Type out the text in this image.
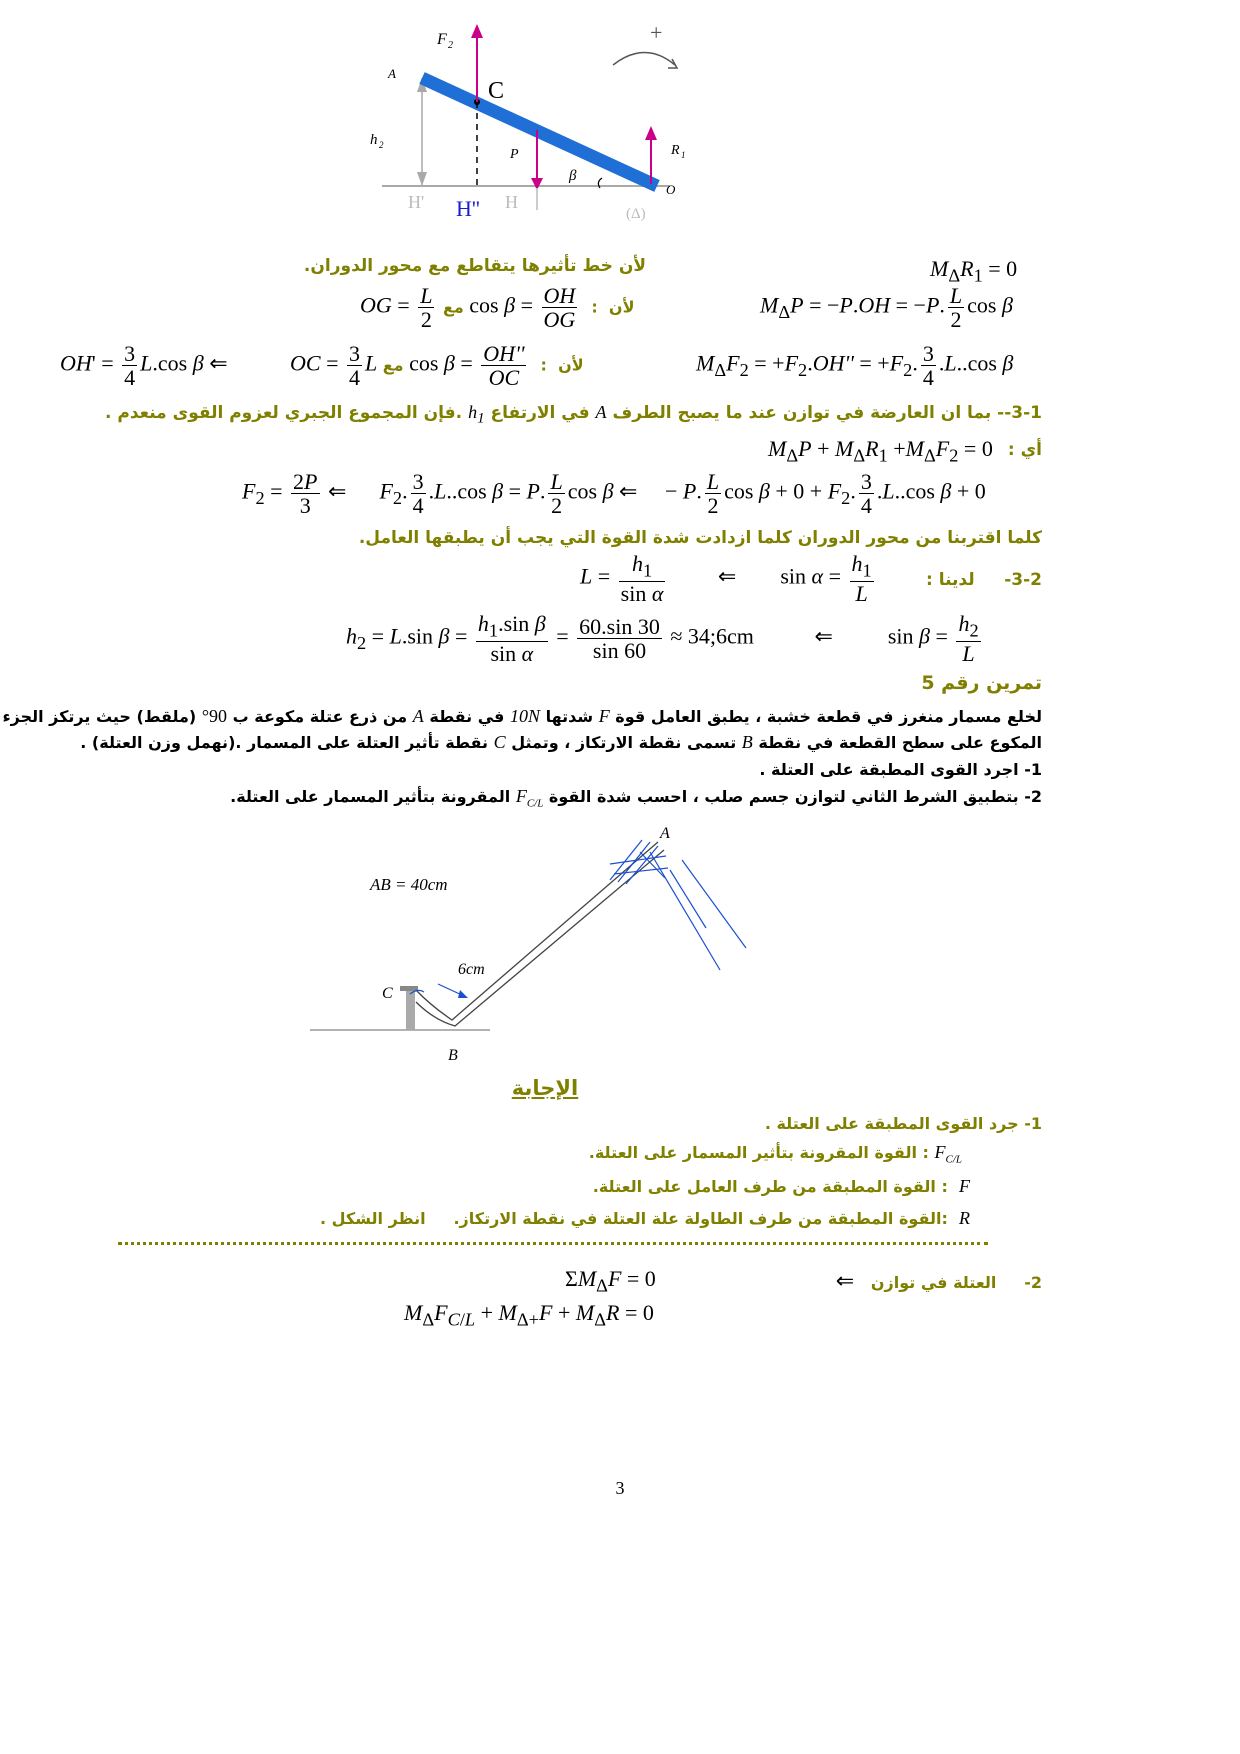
F 2
+
A
C
h 2
P
β
R 1
O
H' H'' H
(Δ)
لأن خط تأثيرها يتقاطع مع محور الدوران.	$M_\Delta R_1 = 0$
OG = $\frac{L}{2}$ مع $\cos \beta = \frac{OH}{OG}$ :  لأن	$M_\Delta P = -P.OH = -P$. $\frac{L}{2}$ cos β
$OH' = \frac{3}{4} L.\cos$ β ⇐	OC = $\frac{3}{4}$ L مع $\cos \beta = \frac{OH''}{OC}$ :  لأن	$M_\Delta F_2 = +F_2.OH'' = +F_2$. $\frac{3}{4} .L..\cos$ β
3-1-- بما ان العارضة في توازن عند ما يصبح الطرف A في الارتفاع $h_1$ .فإن المجموع الجبري لعزوم القوى منعدم .
أي :
$M_\Delta P + M_\Delta R_1 +M_\Delta F_2 = 0$
$F_2 = \frac{2P}{3}$ ⇐      $F_2$. $\frac{3}{4} .L..\cos$ β = P. $\frac{L}{2}$ cos β ⇐     − P. $\frac{L}{2}$ $\cos \beta + 0 + F_2$. $\frac{3}{4} .L..\cos$ β + 0
كلما اقتربنا من محور الدوران كلما ازدادت شدة القوة التي يجب أن يطبقها العامل.
3-2-     لدينا :
$L = \frac{h_1}{\text{sin α}}$ ⇐        $\sin \alpha = \frac{h_1}{L}$
$h_2 = L.\sin$ $\beta = \frac{h_1.\sin \beta}{\text{sin α}} = \frac{60.\sin 30}{\sin 60}$ ≈ 34;6cm           ⇐          $\sin \beta = \frac{h_2}{L}$
تمرين رقم 5
لخلع مسمار منغرز في قطعة خشبة ، يطبق العامل قوة F شدتها 10N في نقطة A من ذرع عتلة مكوعة ب 90° (ملقط) حيث يرتكز الجزء
المكوع على سطح القطعة في نقطة B تسمى نقطة الارتكاز ، وتمثل C نقطة تأثير العتلة على المسمار .(نهمل وزن العتلة) .
1- اجرد القوى المطبقة على العتلة .
2- بتطبيق الشرط الثاني لتوازن جسم صلب ، احسب شدة القوة $F_{C/L}$ المقرونة بتأثير المسمار على العتلة.
AB = 40cm
6cm
A
B
C
الإجابة
1- جرد القوى المطبقة على العتلة .
$F_{C/L}$ : القوة المقرونة بتأثير المسمار على العتلة.
F  : القوة المطبقة من طرف العامل على العتلة.
R  :القوة المطبقة من طرف الطاولة علة العتلة في نقطة الارتكاز.     انظر الشكل .
2-     العتلة في توازن   ⇐
$\Sigma M_\Delta F = 0$
$M_\Delta F_{C/L} + M_{\Delta+}F + M_\Delta R = 0$
3
